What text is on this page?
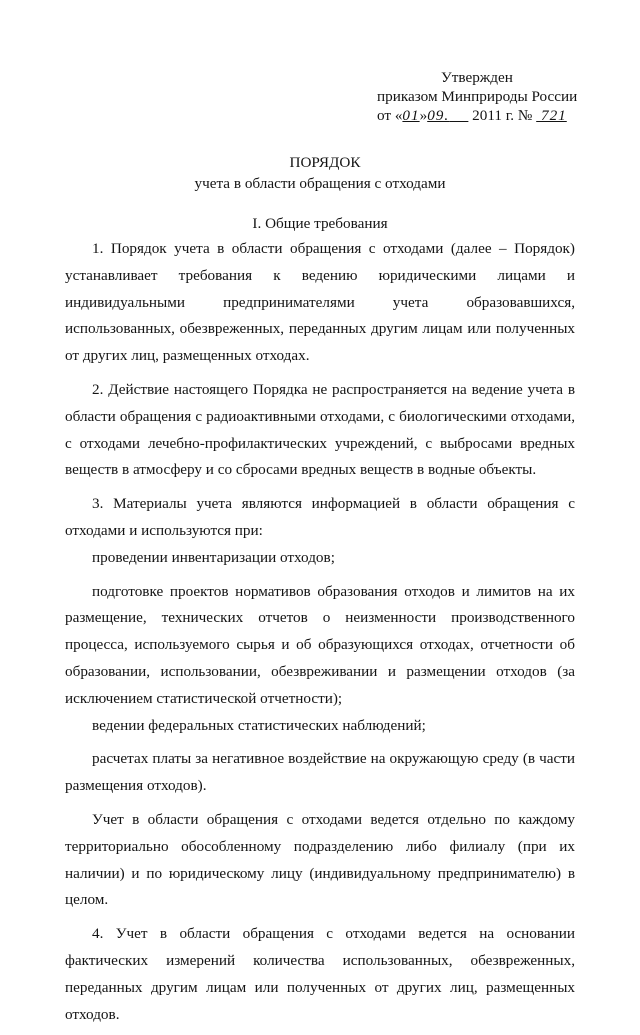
Утвержден
приказом Минприроды России
от «01»09.     2011 г. №  721
ПОРЯДОК
учета в области обращения с отходами
I. Общие требования

1. Порядок учета в области обращения с отходами (далее – Порядок) устанавливает требования к ведению юридическими лицами и индивидуальными предпринимателями учета образовавшихся, использованных, обезвреженных, переданных другим лицам или полученных от других лиц, размещенных отходах.

2. Действие настоящего Порядка не распространяется на ведение учета в области обращения с радиоактивными отходами, с биологическими отходами, с отходами лечебно-профилактических учреждений, с выбросами вредных веществ в атмосферу и со сбросами вредных веществ в водные объекты.

3. Материалы учета являются информацией в области обращения с отходами и используются при:

проведении инвентаризации отходов;

подготовке проектов нормативов образования отходов и лимитов на их размещение, технических отчетов о неизменности производственного процесса, используемого сырья и об образующихся отходах, отчетности об образовании, использовании, обезвреживании и размещении отходов (за исключением статистической отчетности);

ведении федеральных статистических наблюдений;

расчетах платы за негативное воздействие на окружающую среду (в части размещения отходов).

Учет в области обращения с отходами ведется отдельно по каждому территориально обособленному подразделению либо филиалу (при их наличии) и по юридическому лицу (индивидуальному предпринимателю) в целом.

4. Учет в области обращения с отходами ведется на основании фактических измерений количества использованных, обезвреженных, переданных другим лицам или полученных от других лиц, размещенных отходов.
